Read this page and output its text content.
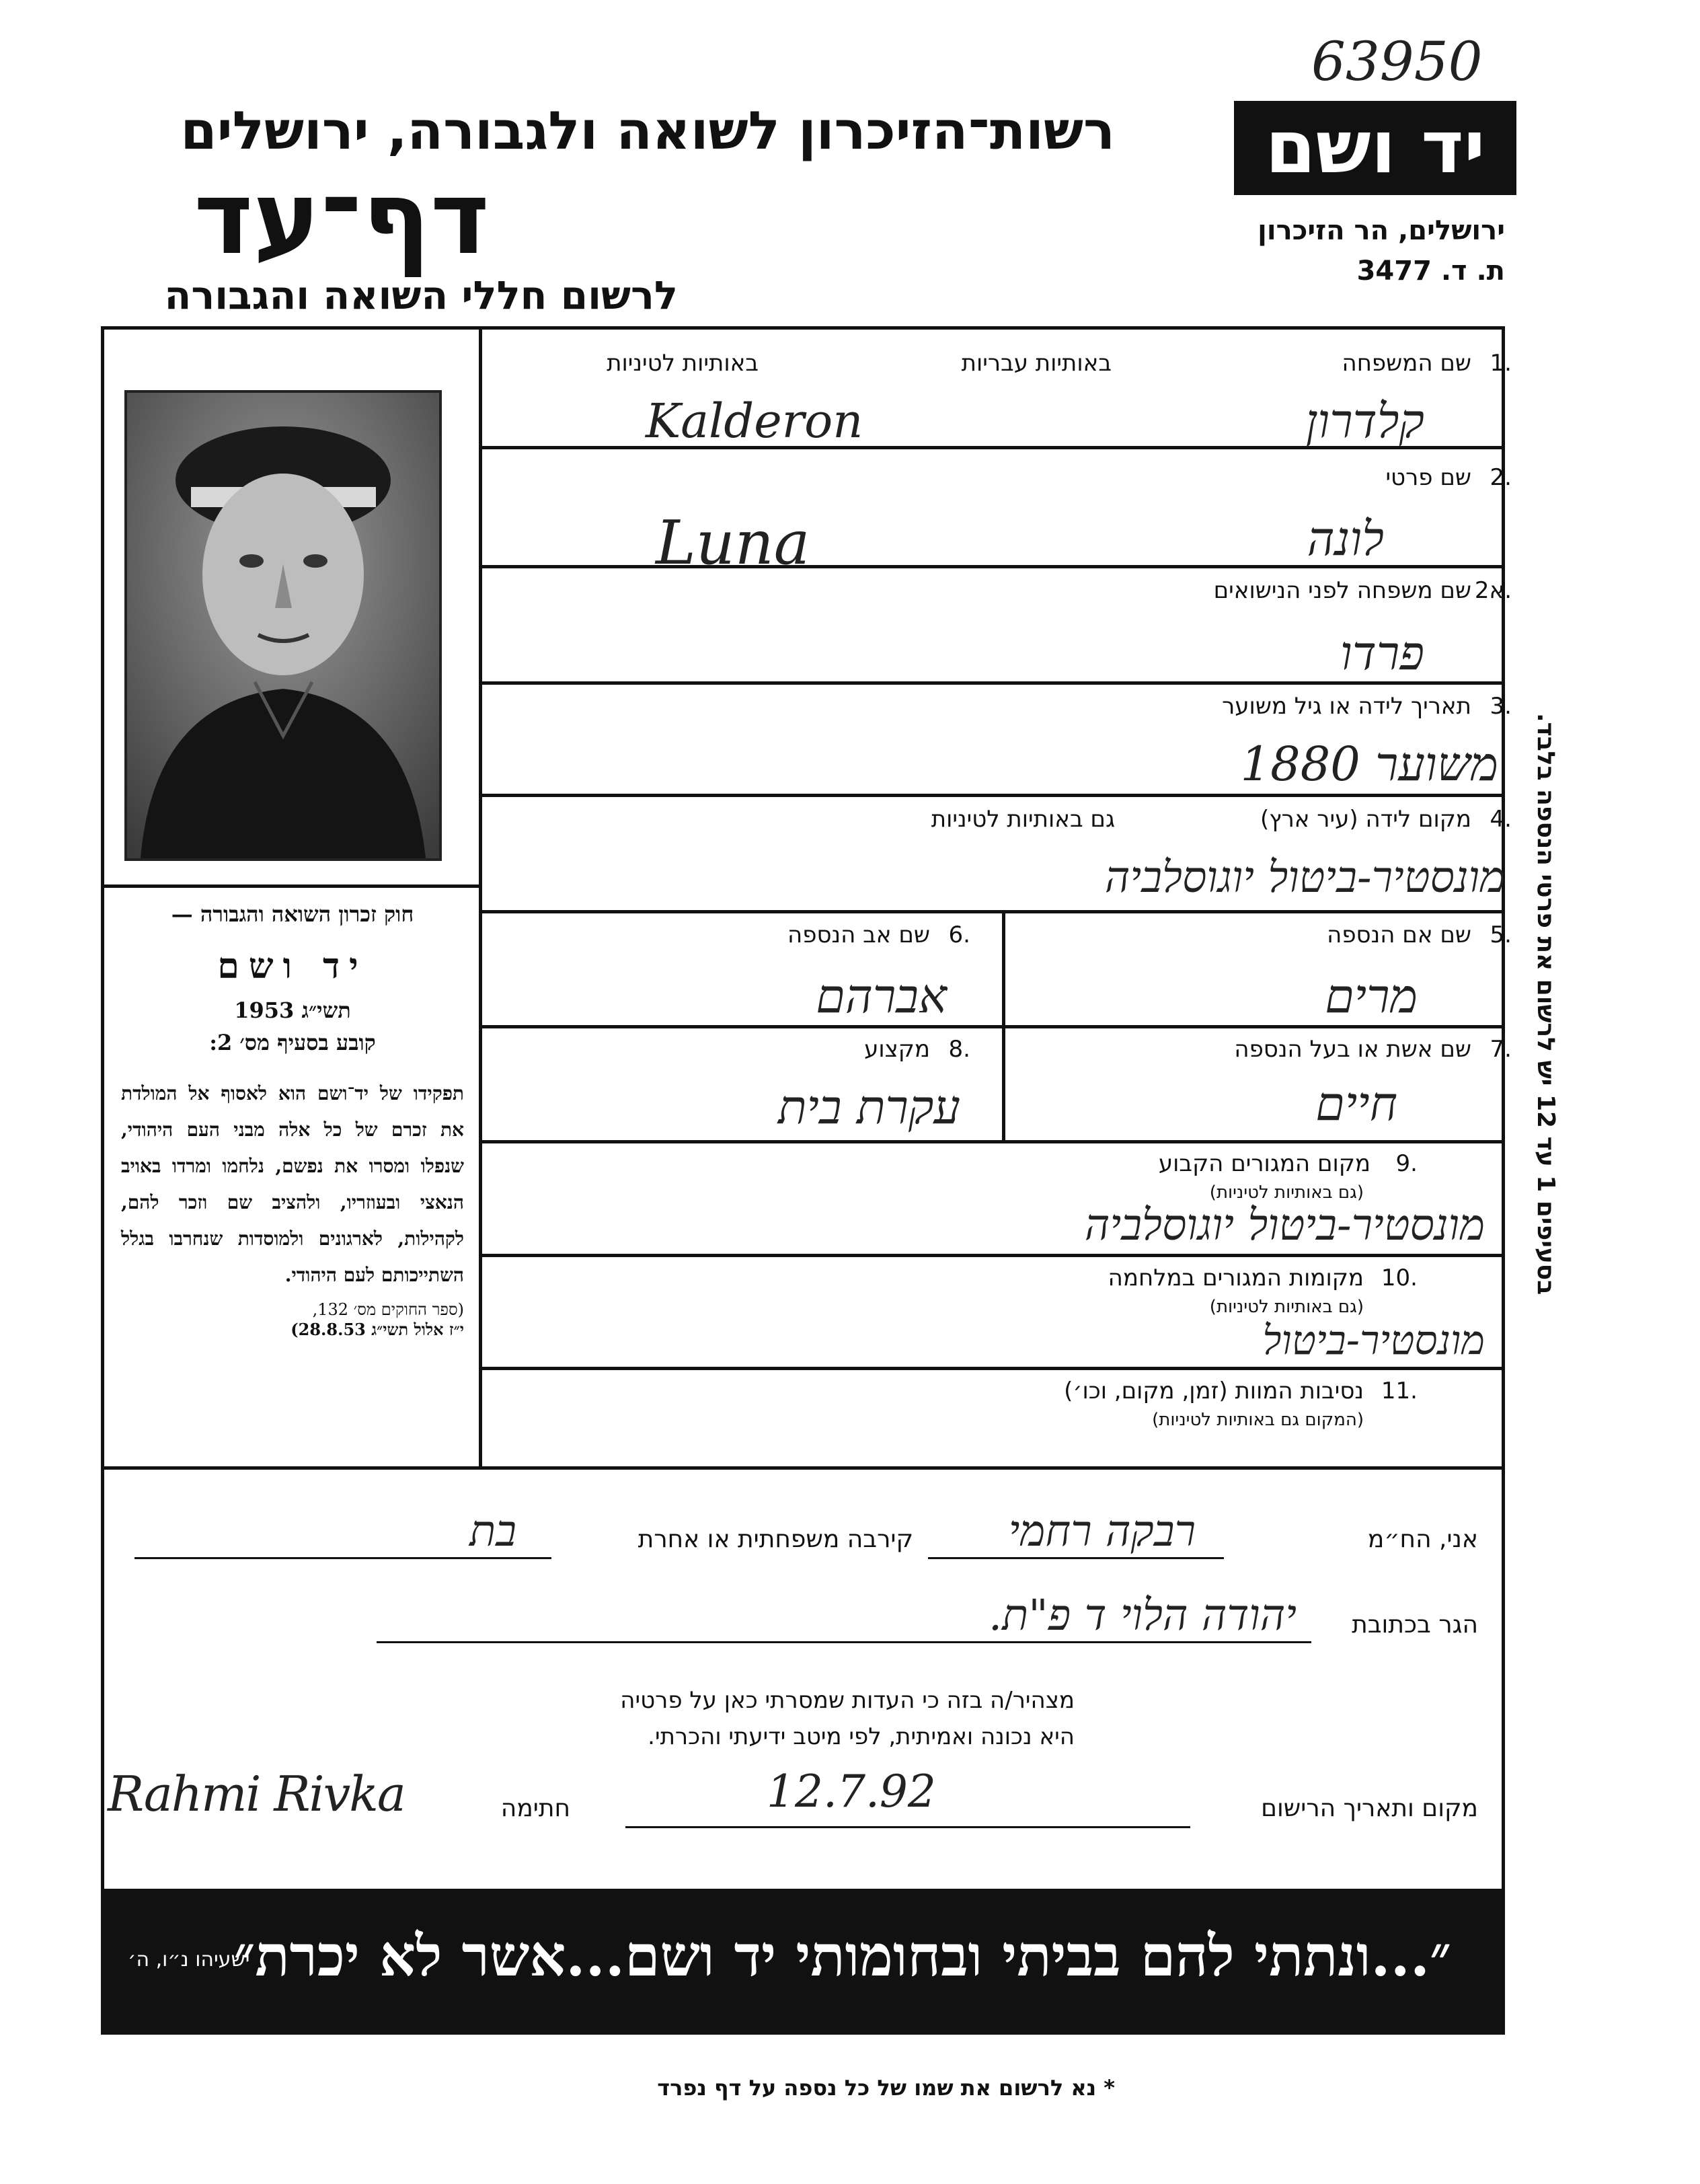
63950
יד ושם
ירושלים, הר הזיכרון
ת. ד. 3477
רשות־הזיכרון לשואה ולגבורה, ירושלים
דף־עד
לרשום חללי השואה והגבורה
״...ונתתי להם בביתי ובחומותי יד ושם...אשר לא יכרת״
ישעיהו נ״ו, ה׳
חוק זכרון השואה והגבורה —
יד ושם
תשי״ג 1953
קובע בסעיף מס׳ 2:
תפקידו של יד־ושם הוא לאסוף אל המולדת את זכרם של כל אלה מבני העם היהודי, שנפלו ומסרו את נפשם, נלחמו ומרדו באויב הנאצי ובעוזריו, ולהציב שם וזכר להם, לקהילות, לארגונים ולמוסדות שנחרבו בגלל השתייכותם לעם היהודי.
(ספר החוקים מס׳ 132,
י״ז אלול תשי״ג 28.8.53)
1.
שם המשפחה
באותיות עבריות
באותיות לטיניות
קלדרון
Kalderon
2.
שם פרטי
לונה
Luna
2א.
שם משפחה לפני הנישואים
פרדו
3.
תאריך לידה או גיל משוער
משוער 1880
4.
מקום לידה (עיר ארץ)
גם באותיות לטיניות
מונסטיר-ביטול יוגוסלביה
5.
שם אם הנספה
מרים
6.
שם אב הנספה
אברהם
7.
שם אשת או בעל הנספה
חיים
8.
מקצוע
עקרת בית
9.
מקום המגורים הקבוע
(גם באותיות לטיניות)
מונסטיר-ביטול יוגוסלביה
10.
מקומות המגורים במלחמה
(גם באותיות לטיניות)
מונסטיר-ביטול
11.
נסיבות המוות (זמן, מקום, וכו׳)
(המקום גם באותיות לטיניות)
בסעיפים 1 עד 12 יש לרשום את פרטי הנספה בלבד.
אני, הח״מ
רבקה רחמי
קירבה משפחתית או אחרת
בת
הגר בכתובת
יהודה הלוי ד פ"ת.
מצהיר/ה בזה כי העדות שמסרתי כאן על פרטיה
היא נכונה ואמיתית, לפי מיטב ידיעתי והכרתי.
מקום ותאריך הרישום
12.7.92
חתימה
Rahmi Rivka
* נא לרשום את שמו של כל נספה על דף נפרד
